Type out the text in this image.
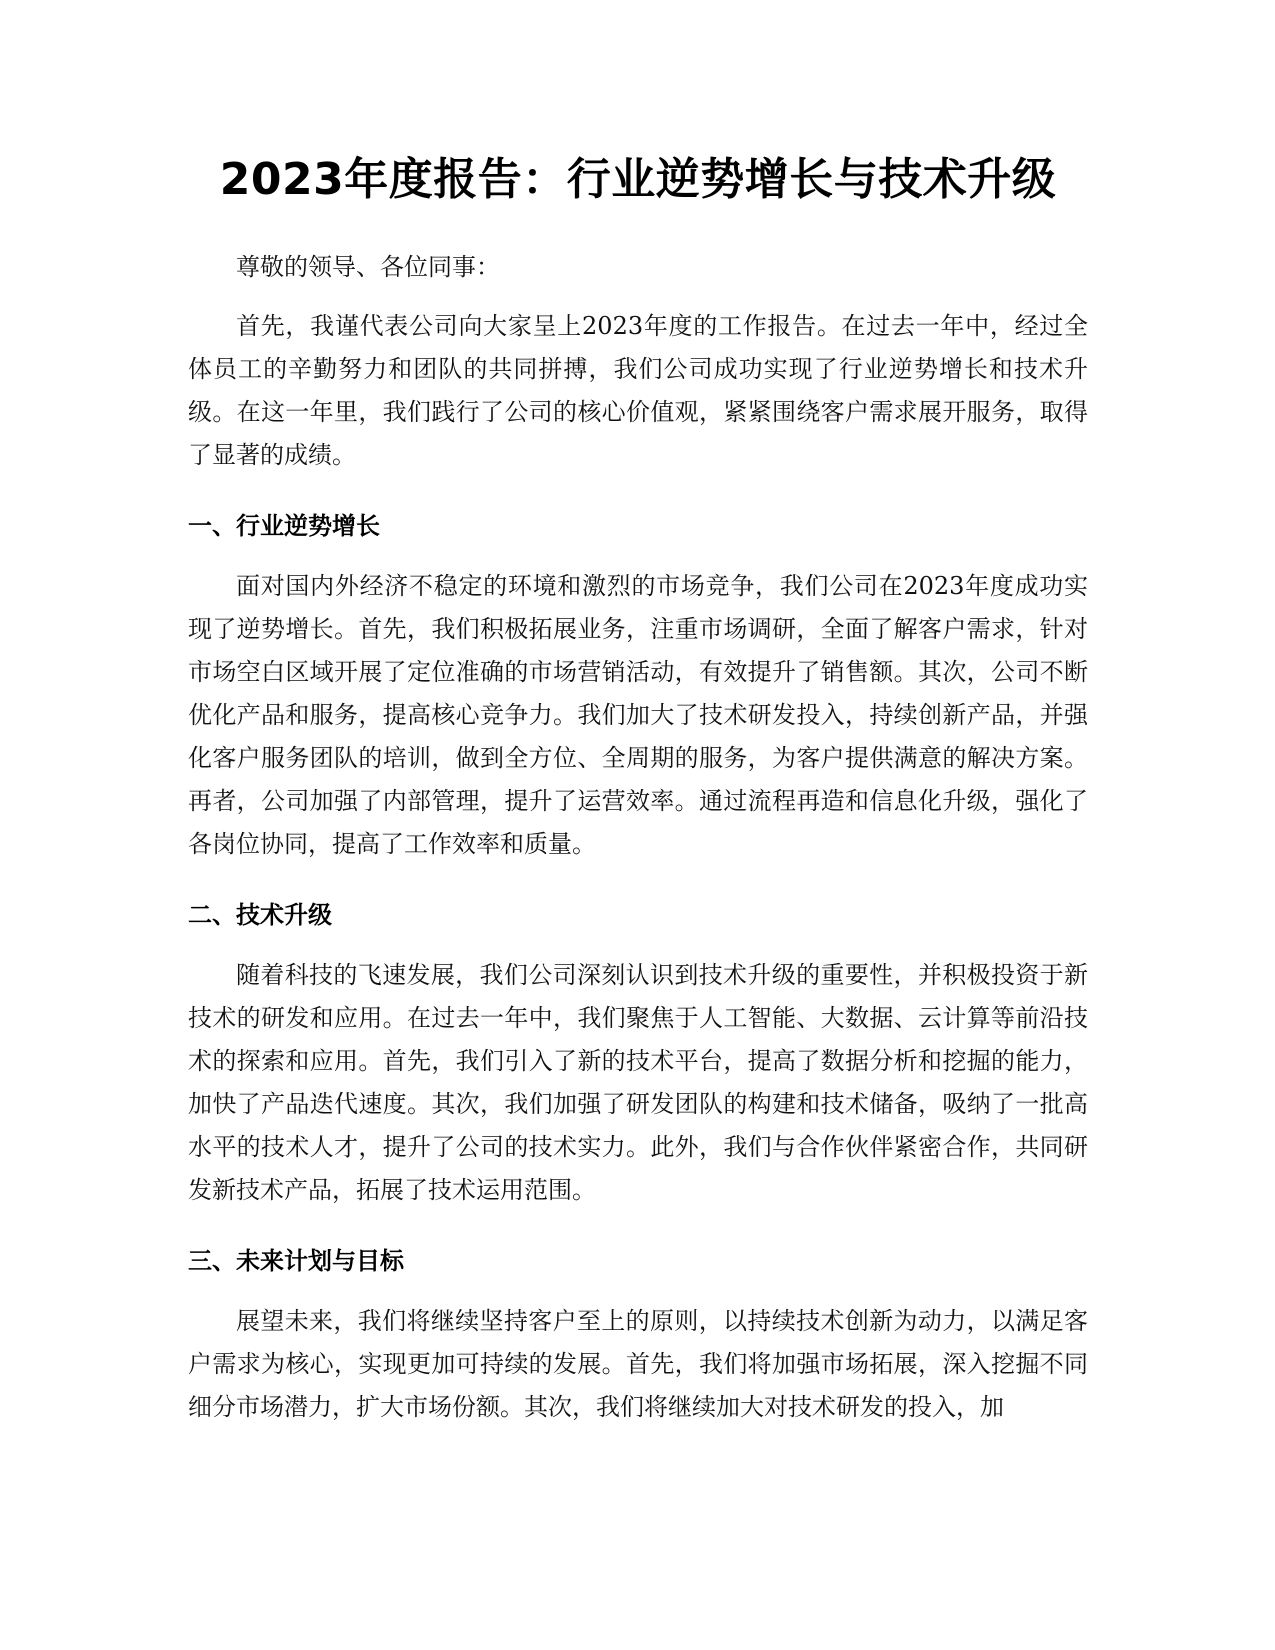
2023年度报告：行业逆势增长与技术升级

尊敬的领导、各位同事：

首先，我谨代表公司向大家呈上2023年度的工作报告。在过去一年中，经过全体员工的辛勤努力和团队的共同拼搏，我们公司成功实现了行业逆势增长和技术升级。在这一年里，我们践行了公司的核心价值观，紧紧围绕客户需求展开服务，取得了显著的成绩。

一、行业逆势增长

面对国内外经济不稳定的环境和激烈的市场竞争，我们公司在2023年度成功实现了逆势增长。首先，我们积极拓展业务，注重市场调研，全面了解客户需求，针对市场空白区域开展了定位准确的市场营销活动，有效提升了销售额。其次，公司不断优化产品和服务，提高核心竞争力。我们加大了技术研发投入，持续创新产品，并强化客户服务团队的培训，做到全方位、全周期的服务，为客户提供满意的解决方案。再者，公司加强了内部管理，提升了运营效率。通过流程再造和信息化升级，强化了各岗位协同，提高了工作效率和质量。

二、技术升级

随着科技的飞速发展，我们公司深刻认识到技术升级的重要性，并积极投资于新技术的研发和应用。在过去一年中，我们聚焦于人工智能、大数据、云计算等前沿技术的探索和应用。首先，我们引入了新的技术平台，提高了数据分析和挖掘的能力，加快了产品迭代速度。其次，我们加强了研发团队的构建和技术储备，吸纳了一批高水平的技术人才，提升了公司的技术实力。此外，我们与合作伙伴紧密合作，共同研发新技术产品，拓展了技术运用范围。

三、未来计划与目标

展望未来，我们将继续坚持客户至上的原则，以持续技术创新为动力，以满足客户需求为核心，实现更加可持续的发展。首先，我们将加强市场拓展，深入挖掘不同细分市场潜力，扩大市场份额。其次，我们将继续加大对技术研发的投入，加
